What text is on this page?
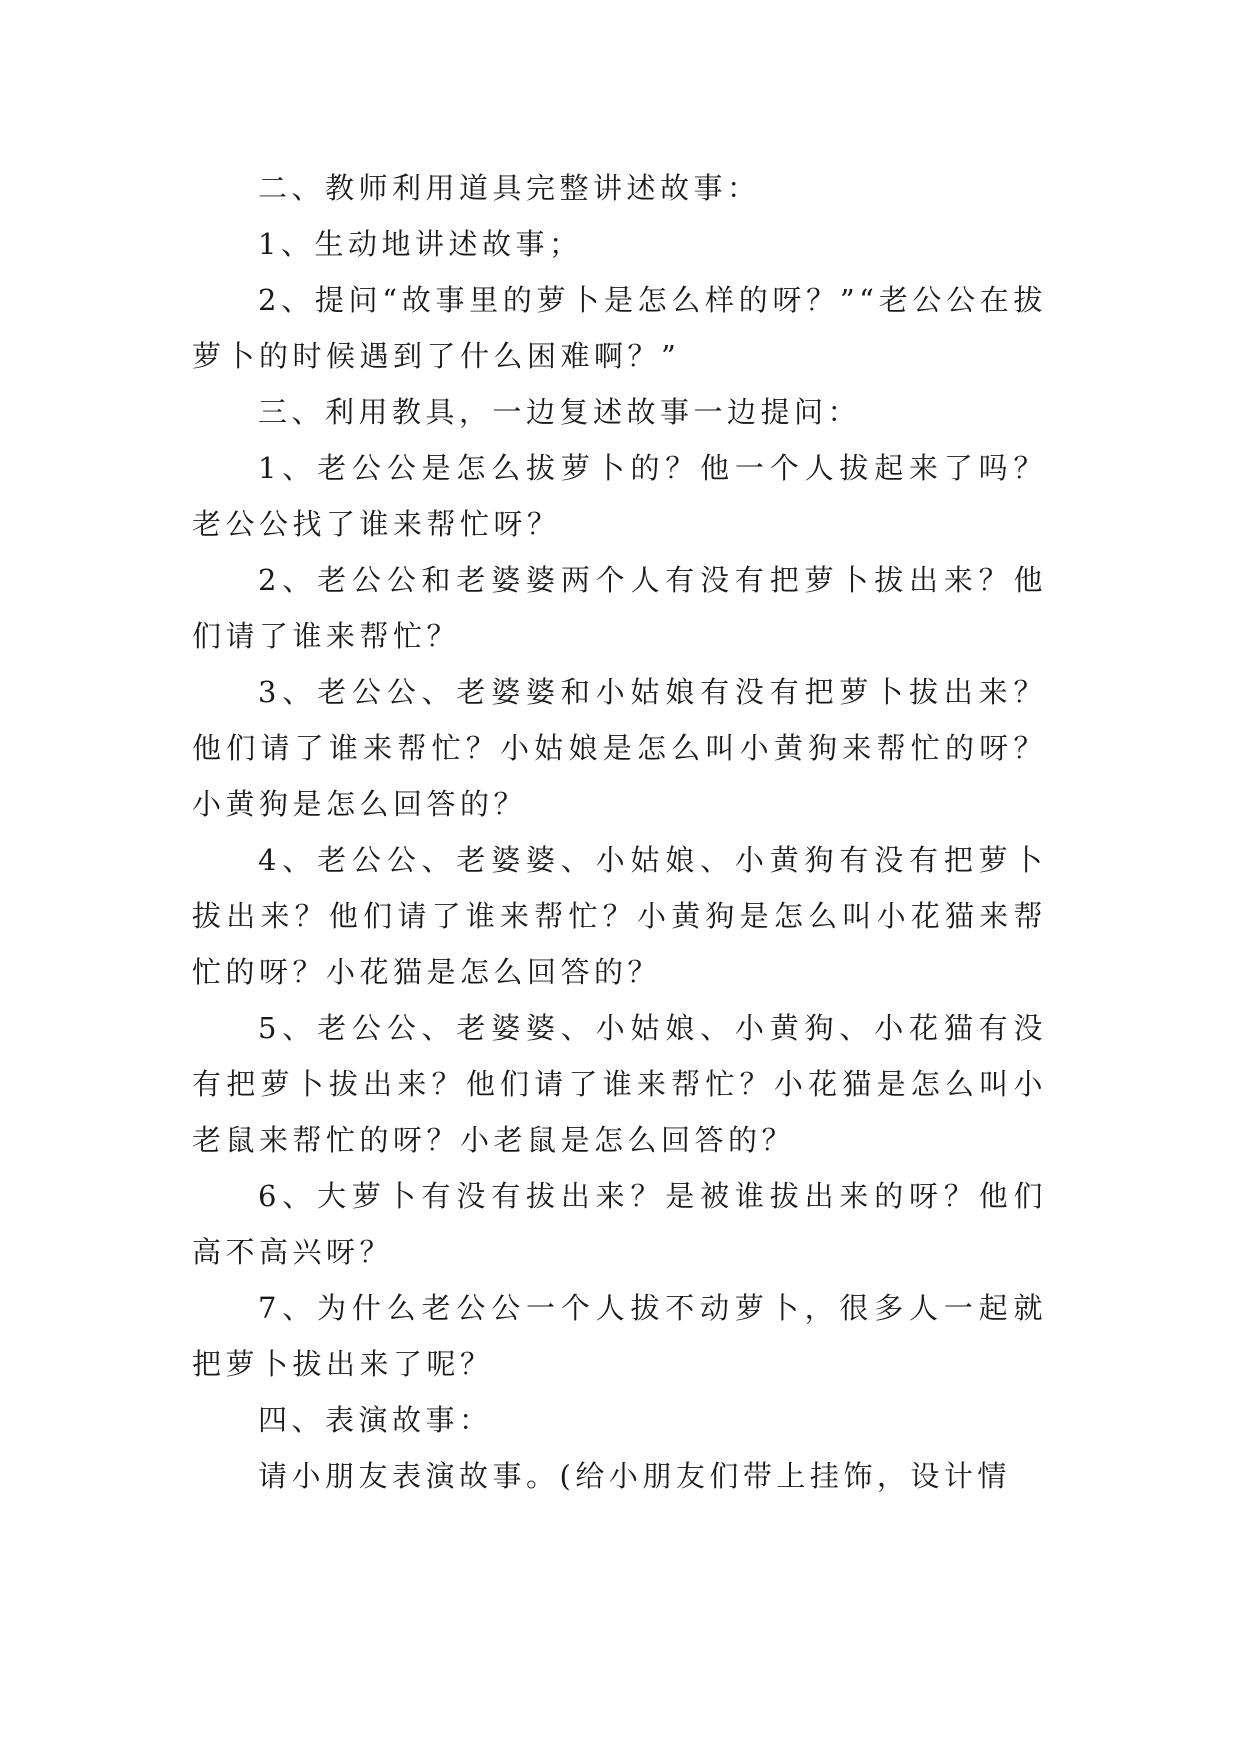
二、教师利用道具完整讲述故事：

1、生动地讲述故事；

2、提问“故事里的萝卜是怎么样的呀？”“老公公在拔萝卜的时候遇到了什么困难啊？”

三、利用教具，一边复述故事一边提问：

1、老公公是怎么拔萝卜的？他一个人拔起来了吗？老公公找了谁来帮忙呀？

2、老公公和老婆婆两个人有没有把萝卜拔出来？他们请了谁来帮忙？

3、老公公、老婆婆和小姑娘有没有把萝卜拔出来？他们请了谁来帮忙？小姑娘是怎么叫小黄狗来帮忙的呀？小黄狗是怎么回答的？

4、老公公、老婆婆、小姑娘、小黄狗有没有把萝卜拔出来？他们请了谁来帮忙？小黄狗是怎么叫小花猫来帮忙的呀？小花猫是怎么回答的？

5、老公公、老婆婆、小姑娘、小黄狗、小花猫有没有把萝卜拔出来？他们请了谁来帮忙？小花猫是怎么叫小老鼠来帮忙的呀？小老鼠是怎么回答的？

6、大萝卜有没有拔出来？是被谁拔出来的呀？他们高不高兴呀？

7、为什么老公公一个人拔不动萝卜，很多人一起就把萝卜拔出来了呢？

四、表演故事：

请小朋友表演故事。(给小朋友们带上挂饰，设计情
